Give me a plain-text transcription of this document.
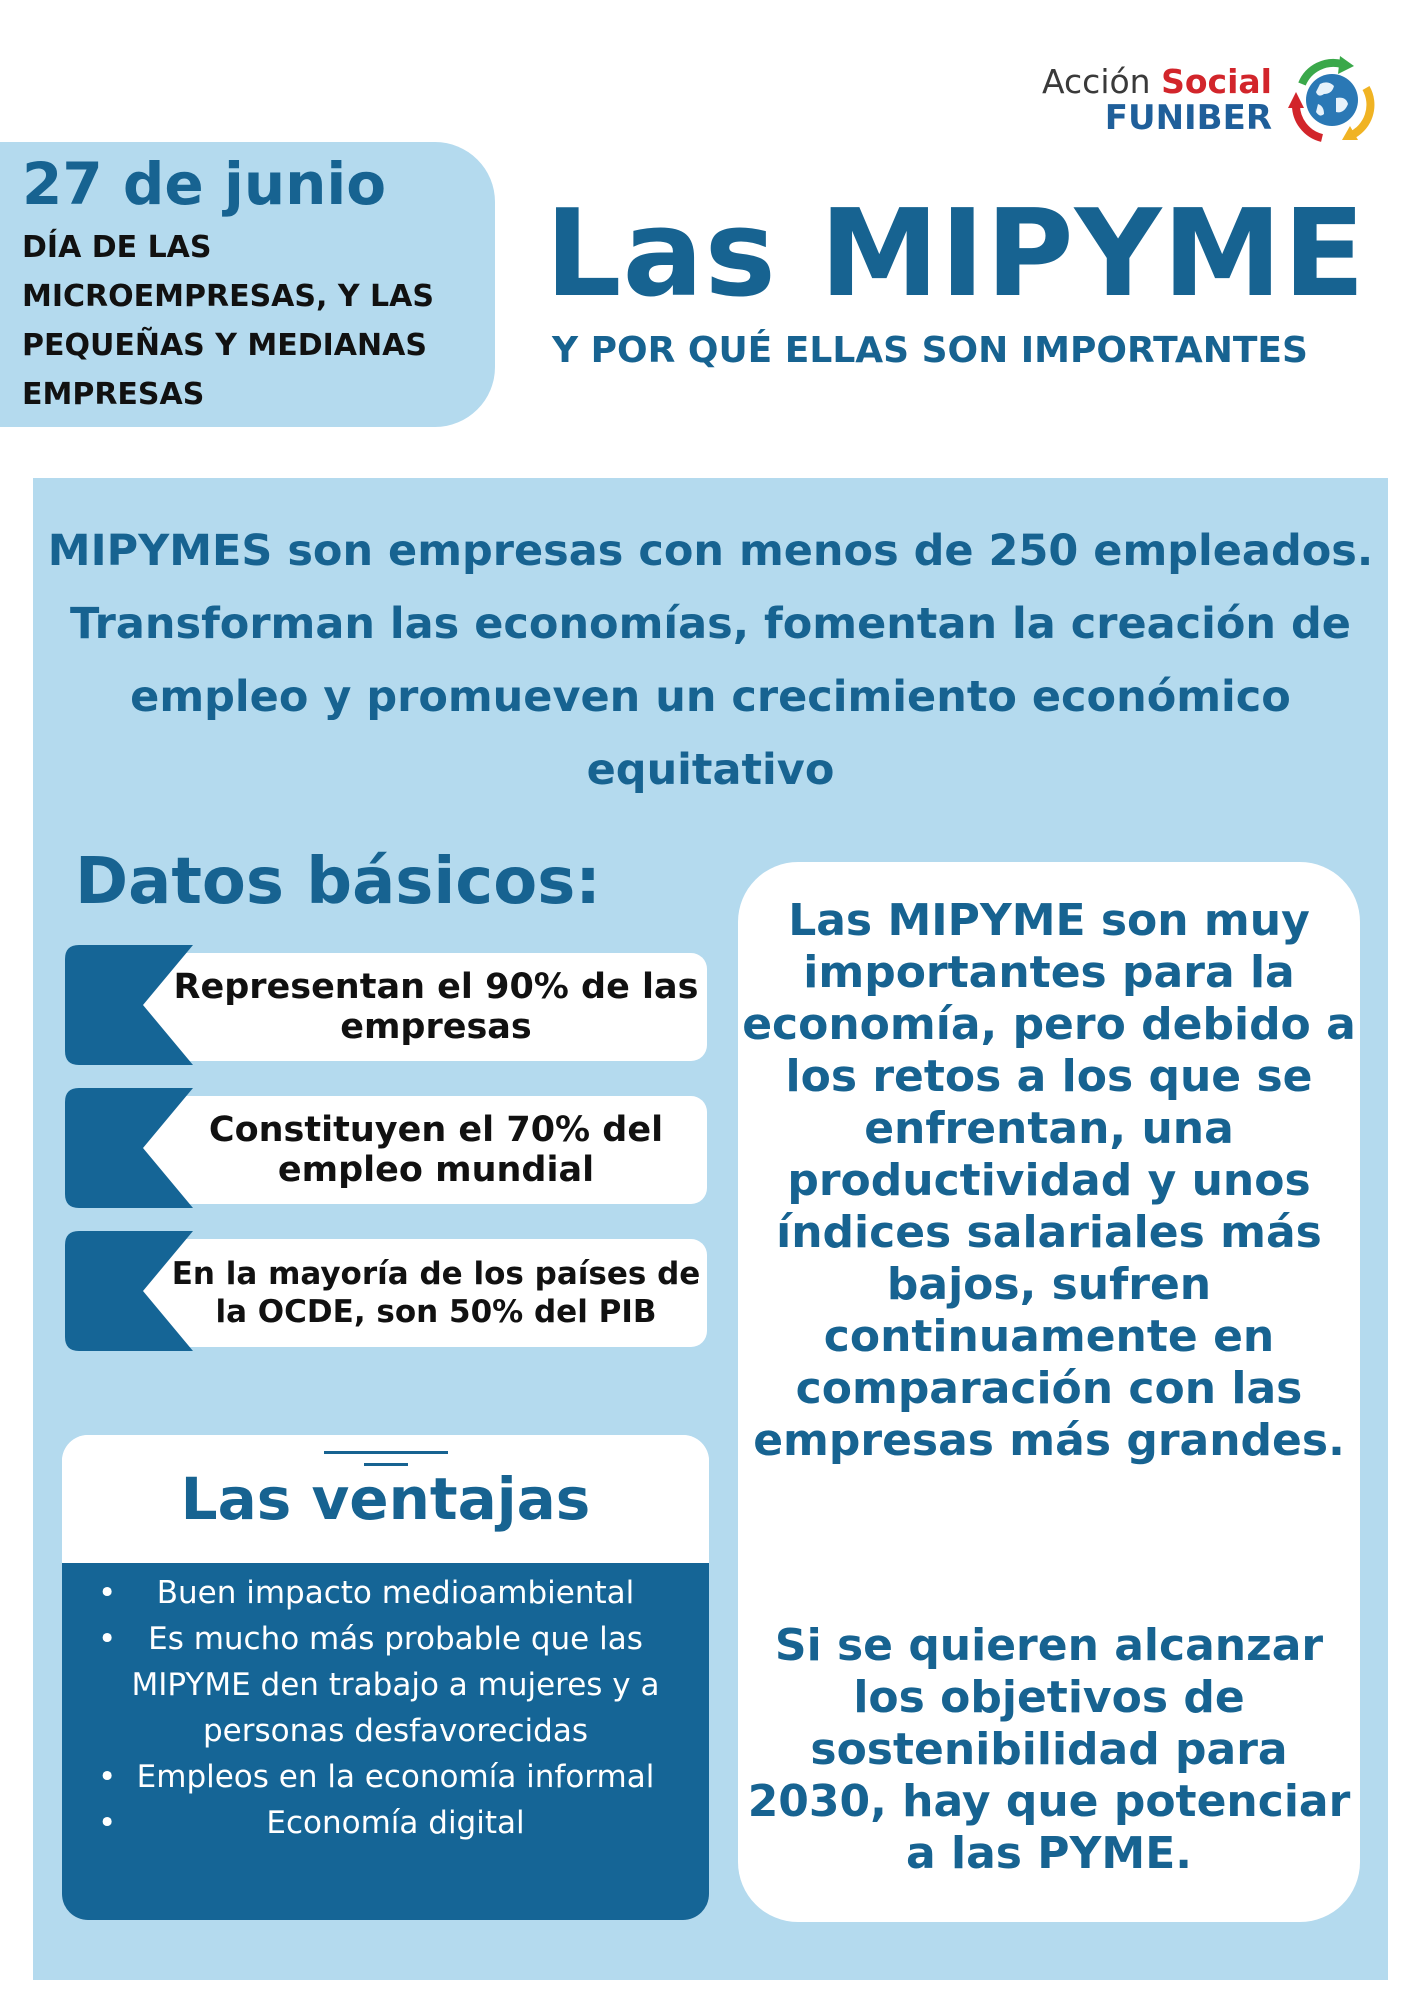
Acción Social
FUNIBER
27 de junio
DÍA DE LAS MICROEMPRESAS, Y LAS PEQUEÑAS Y MEDIANAS EMPRESAS
Las MIPYME
Y POR QUÉ ELLAS SON IMPORTANTES
MIPYMES son empresas con menos de 250 empleados. Transforman las economías, fomentan la creación de empleo y promueven un crecimiento económico equitativo
Datos básicos:
Representan el 90% de las empresas
Constituyen el 70% del empleo mundial
En la mayoría de los países de la OCDE, son 50% del PIB
Las ventajas
• Buen impacto medioambiental
• Es mucho más probable que las MIPYME den trabajo a mujeres y a personas desfavorecidas
• Empleos en la economía informal
• Economía digital
Las MIPYME son muy importantes para la economía, pero debido a los retos a los que se enfrentan, una productividad y unos índices salariales más bajos, sufren continuamente en comparación con las empresas más grandes.
Si se quieren alcanzar los objetivos de sostenibilidad para 2030, hay que potenciar a las PYME.
